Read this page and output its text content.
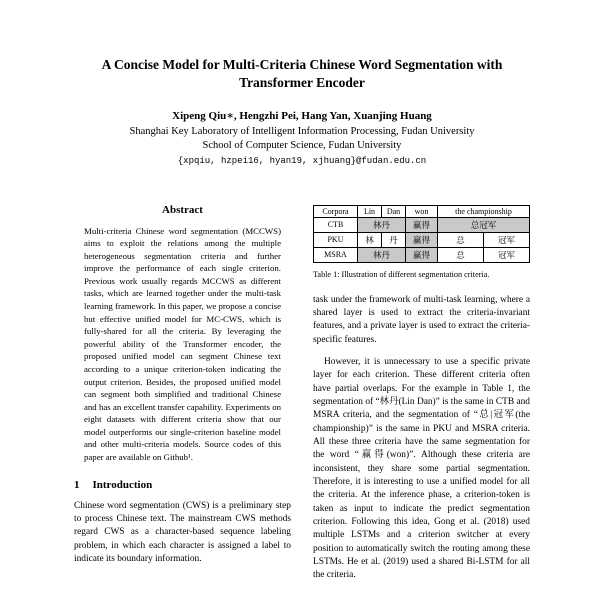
A Concise Model for Multi-Criteria Chinese Word Segmentation with Transformer Encoder
Xipeng Qiu∗, Hengzhi Pei, Hang Yan, Xuanjing Huang
Shanghai Key Laboratory of Intelligent Information Processing, Fudan University
School of Computer Science, Fudan University
{xpqiu, hzpei16, hyan19, xjhuang}@fudan.edu.cn
Abstract

Multi-criteria Chinese word segmentation (MCCWS) aims to exploit the relations among the multiple heterogeneous segmentation criteria and further improve the performance of each single criterion. Previous work usually regards MCCWS as different tasks, which are learned together under the multi-task learning framework. In this paper, we propose a concise but effective unified model for MC-CWS, which is fully-shared for all the criteria. By leveraging the powerful ability of the Transformer encoder, the proposed unified model can segment Chinese text according to a unique criterion-token indicating the output criterion. Besides, the proposed unified model can segment both simplified and traditional Chinese and has an excellent transfer capability. Experiments on eight datasets with different criteria show that our model outperforms our single-criterion baseline model and other multi-criteria models. Source codes of this paper are available on Github¹.

1 Introduction

Chinese word segmentation (CWS) is a preliminary step to process Chinese text. The mainstream CWS methods regard CWS as a character-based sequence labeling problem, in which each character is assigned a label to indicate its boundary information.

Corpora	Lin	Dan	won	the championship	
CTB	林丹		赢得	总冠军	
PKU	林	丹	赢得	总	冠军
MSRA	林丹		赢得	总	冠军
Table 1: Illustration of different segmentation criteria.

task under the framework of multi-task learning, where a shared layer is used to extract the criteria-invariant features, and a private layer is used to extract the criteria-specific features.

However, it is unnecessary to use a specific private layer for each criterion. These different criteria often have partial overlaps. For the example in Table 1, the segmentation of “林丹(Lin Dan)” is the same in CTB and MSRA criteria, and the segmentation of “总|冠军(the championship)” is the same in PKU and MSRA criteria. All these three criteria have the same segmentation for the word “赢得(won)”. Although these criteria are inconsistent, they share some partial segmentation. Therefore, it is interesting to use a unified model for all the criteria. At the inference phase, a criterion-token is taken as input to indicate the predict segmentation criterion. Following this idea, Gong et al. (2018) used multiple LSTMs and a criterion switcher at every position to automatically switch the routing among these LSTMs. He et al. (2019) used a shared Bi-LSTM for all the criteria.
